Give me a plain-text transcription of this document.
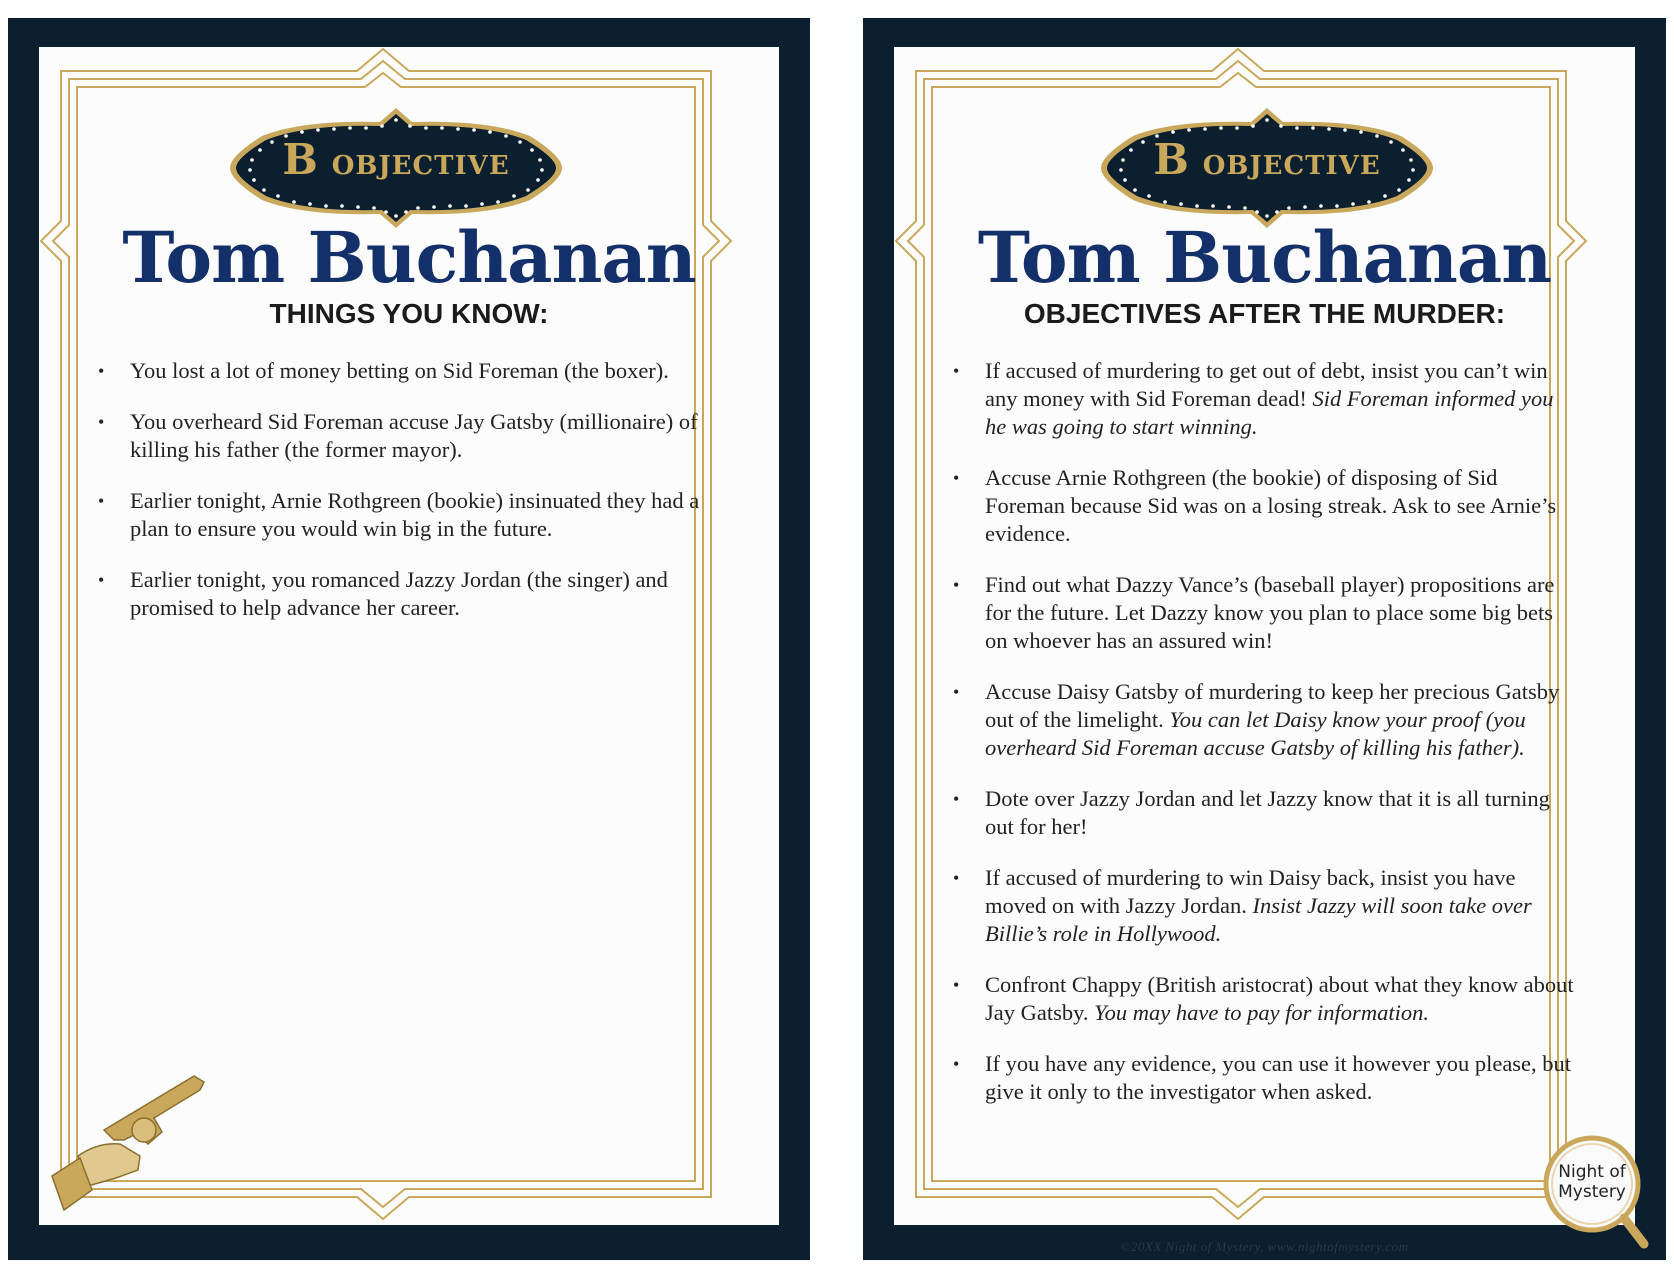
B OBJECTIVE
Tom Buchanan
THINGS YOU KNOW:
• You lost a lot of money betting on Sid Foreman (the boxer).
• You overheard Sid Foreman accuse Jay Gatsby (millionaire) of killing his father (the former mayor).
• Earlier tonight, Arnie Rothgreen (bookie) insinuated they had a plan to ensure you would win big in the future.
• Earlier tonight, you romanced Jazzy Jordan (the singer) and promised to help advance her career.
B OBJECTIVE
Tom Buchanan
OBJECTIVES AFTER THE MURDER:
• If accused of murdering to get out of debt, insist you can’t win any money with Sid Foreman dead! Sid Foreman informed you he was going to start winning.
• Accuse Arnie Rothgreen (the bookie) of disposing of Sid Foreman because Sid was on a losing streak. Ask to see Arnie’s evidence.
• Find out what Dazzy Vance’s (baseball player) propositions are for the future. Let Dazzy know you plan to place some big bets on whoever has an assured win!
• Accuse Daisy Gatsby of murdering to keep her precious Gatsby out of the limelight. You can let Daisy know your proof (you overheard Sid Foreman accuse Gatsby of killing his father).
• Dote over Jazzy Jordan and let Jazzy know that it is all turning out for her!
• If accused of murdering to win Daisy back, insist you have moved on with Jazzy Jordan. Insist Jazzy will soon take over Billie’s role in Hollywood.
• Confront Chappy (British aristocrat) about what they know about Jay Gatsby. You may have to pay for information.
• If you have any evidence, you can use it however you please, but give it only to the investigator when asked.
Night of
Mystery
©20XX Night of Mystery, www.nightofmystery.com
